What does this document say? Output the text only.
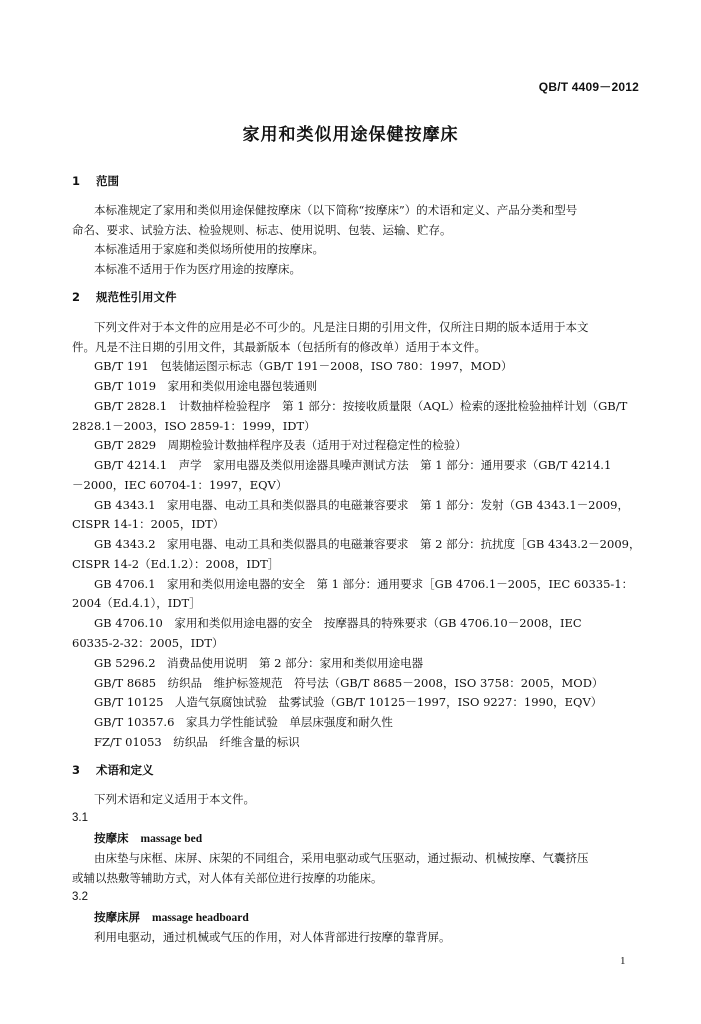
QB/T 4409－2012
家用和类似用途保健按摩床
1 范围
本标准规定了家用和类似用途保健按摩床（以下简称“按摩床”）的术语和定义、产品分类和型号
命名、要求、试验方法、检验规则、标志、使用说明、包装、运输、贮存。
本标准适用于家庭和类似场所使用的按摩床。
本标准不适用于作为医疗用途的按摩床。
2 规范性引用文件
下列文件对于本文件的应用是必不可少的。凡是注日期的引用文件，仅所注日期的版本适用于本文
件。凡是不注日期的引用文件，其最新版本（包括所有的修改单）适用于本文件。
GB/T 191　包装储运图示标志（GB/T 191－2008，ISO 780：1997，MOD）
GB/T 1019　家用和类似用途电器包装通则
GB/T 2828.1　计数抽样检验程序　第 1 部分：按接收质量限（AQL）检索的逐批检验抽样计划（GB/T
2828.1－2003，ISO 2859-1：1999，IDT）
GB/T 2829　周期检验计数抽样程序及表（适用于对过程稳定性的检验）
GB/T 4214.1　声学　家用电器及类似用途器具噪声测试方法　第 1 部分：通用要求（GB/T 4214.1
－2000，IEC 60704-1：1997，EQV）
GB 4343.1　家用电器、电动工具和类似器具的电磁兼容要求　第 1 部分：发射（GB 4343.1－2009，
CISPR 14-1：2005，IDT）
GB 4343.2　家用电器、电动工具和类似器具的电磁兼容要求　第 2 部分：抗扰度［GB 4343.2－2009，
CISPR 14-2（Ed.1.2）：2008，IDT］
GB 4706.1　家用和类似用途电器的安全　第 1 部分：通用要求［GB 4706.1－2005，IEC 60335-1：
2004（Ed.4.1），IDT］
GB 4706.10　家用和类似用途电器的安全　按摩器具的特殊要求（GB 4706.10－2008，IEC
60335-2-32：2005，IDT）
GB 5296.2　消费品使用说明　第 2 部分：家用和类似用途电器
GB/T 8685　纺织品　维护标签规范　符号法（GB/T 8685－2008，ISO 3758：2005，MOD）
GB/T 10125　人造气氛腐蚀试验　盐雾试验（GB/T 10125－1997，ISO 9227：1990，EQV）
GB/T 10357.6　家具力学性能试验　单层床强度和耐久性
FZ/T 01053　纺织品　纤维含量的标识
3 术语和定义
下列术语和定义适用于本文件。
3.1
按摩床 massage bed
由床垫与床框、床屏、床架的不同组合，采用电驱动或气压驱动，通过振动、机械按摩、气囊挤压
或辅以热敷等辅助方式，对人体有关部位进行按摩的功能床。
3.2
按摩床屏 massage headboard
利用电驱动，通过机械或气压的作用，对人体背部进行按摩的靠背屏。
1
